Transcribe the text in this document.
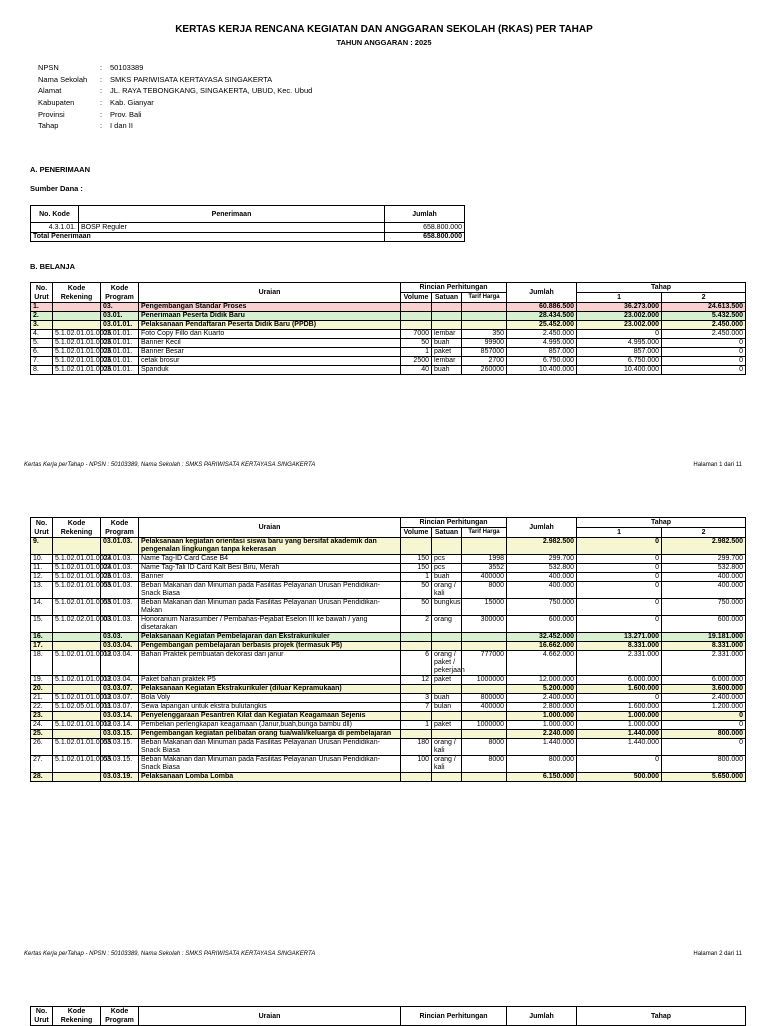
KERTAS KERJA RENCANA KEGIATAN DAN ANGGARAN SEKOLAH (RKAS) PER TAHAP
TAHUN ANGGARAN : 2025
NPSN	: 50103389
Nama Sekolah : SMKS PARIWISATA KERTAYASA SINGAKERTA
Alamat	: JL. RAYA TEBONGKANG, SINGAKERTA, UBUD, Kec. Ubud
Kabupaten	: Kab. Gianyar
Provinsi	: Prov. Bali
Tahap	: I dan II
A. PENERIMAAN
Sumber Dana :
No. Kode	Penerimaan	Jumlah
4.3.1.01.	BOSP Reguler	658.800.000
Total Penerimaan		658.800.000
B. BELANJA
No. Urut	Kode Rekening	Kode Program	Uraian	Rincian Perhitungan			Jumlah	Tahap	
				Volume	Satuan	Tarif Harga		1	2
1.		03.	Pengembangan Standar Proses				60.886.500	36.273.000	24.613.500
2.		03.01.	Penerimaan Peserta Didik Baru				28.434.500	23.002.000	5.432.500
3.		03.01.01.	Pelaksanaan Pendaftaran Peserta Didik Baru (PPDB)				25.452.000	23.002.000	2.450.000
4.	5.1.02.01.01.0026	03.01.01.	Foto Copy Fillo dan Kuarto	7000	lembar	350	2.450.000	0	2.450.000
5.	5.1.02.01.01.0026	03.01.01.	Banner Kecil	50	buah	99900	4.995.000	4.995.000	0
6.	5.1.02.01.01.0026	03.01.01.	Banner Besar	1	paket	857000	857.000	857.000	0
7.	5.1.02.01.01.0026	03.01.01.	cetak brosur	2500	lembar	2700	6.750.000	6.750.000	0
8.	5.1.02.01.01.0026	03.01.01.	Spanduk	40	buah	260000	10.400.000	10.400.000	0
Kertas Kerja perTahap - NPSN : 50103389, Nama Sekolah : SMKS PARIWISATA KERTAYASA SINGAKERTA	Halaman 1 dari 11
No. Urut	Kode Rekening	Kode Program	Uraian	Rincian Perhitungan			Jumlah	Tahap	
				Volume	Satuan	Tarif Harga		1	2
9.		03.01.03.	Pelaksanaan kegiatan orientasi siswa baru yang bersifat akademik dan pengenalan lingkungan tanpa kekerasan				2.982.500	0	2.982.500
10.	5.1.02.01.01.0024	03.01.03.	Name Tag-ID Card Case B4	150	pcs	1998	299.700	0	299.700
11.	5.1.02.01.01.0024	03.01.03.	Name Tag-Tali ID Card Kalt Besi Biru, Merah	150	pcs	3552	532.800	0	532.800
12.	5.1.02.01.01.0026	03.01.03.	Banner	1	buah	400000	400.000	0	400.000
13.	5.1.02.01.01.0055	03.01.03.	Beban Makanan dan Minuman pada Fasilitas Pelayanan Urusan Pendidikan-Snack Biasa	50	orang / kali	8000	400.000	0	400.000
14.	5.1.02.01.01.0055	03.01.03.	Beban Makanan dan Minuman pada Fasilitas Pelayanan Urusan Pendidikan-Makan	50	bungkus	15000	750.000	0	750.000
15.	5.1.02.02.01.0003	03.01.03.	Honorarium Narasumber / Pembahas-Pejabat Eselon III ke bawah / yang disetarakan	2	orang	300000	600.000	0	600.000
16.		03.03.	Pelaksanaan Kegiatan Pembelajaran dan Ekstrakurikuler				32.452.000	13.271.000	19.181.000
17.		03.03.04.	Pengembangan pembelajaran berbasis projek (termasuk P5)				16.662.000	8.331.000	8.331.000
18.	5.1.02.01.01.0012	03.03.04.	Bahan Praktek pembuatan dekorasi dari janur	6	orang / paket / pekerjaan	777000	4.662.000	2.331.000	2.331.000
19.	5.1.02.01.01.0012	03.03.04.	Paket bahan praktek P5	12	paket	1000000	12.000.000	6.000.000	6.000.000
20.		03.03.07.	Pelaksanaan Kegiatan Ekstrakurikuler (diluar Kepramukaan)				5.200.000	1.600.000	3.600.000
21.	5.1.02.01.01.0012	03.03.07.	Bola Voly	3	buah	800000	2.400.000	0	2.400.000
22.	5.1.02.05.01.0011	03.03.07.	Sewa lapangan untuk ekstra bulutangkis	7	bulan	400000	2.800.000	1.600.000	1.200.000
23.		03.03.14.	Penyelenggaraan Pesantren Kilat dan Kegiatan Keagamaan Sejenis				1.000.000	1.000.000	0
24.	5.1.02.01.01.0012	03.03.14.	Pembelian perlengkapan keagamaan (Janur,buah,bunga bambu dll)	1	paket	1000000	1.000.000	1.000.000	0
25.		03.03.15.	Pengembangan kegiatan pelibatan orang tua/wali/keluarga di pembelajaran				2.240.000	1.440.000	800.000
26.	5.1.02.01.01.0055	03.03.15.	Beban Makanan dan Minuman pada Fasilitas Pelayanan Urusan Pendidikan-Snack Biasa	180	orang / kali	8000	1.440.000	1.440.000	0
27.	5.1.02.01.01.0055	03.03.15.	Beban Makanan dan Minuman pada Fasilitas Pelayanan Urusan Pendidikan-Snack Biasa	100	orang / kali	8000	800.000	0	800.000
28.		03.03.19.	Pelaksanaan Lomba Lomba				6.150.000	500.000	5.650.000
Kertas Kerja perTahap - NPSN : 50103389, Nama Sekolah : SMKS PARIWISATA KERTAYASA SINGAKERTA	Halaman 2 dari 11
No. Urut	Kode Rekening	Kode Program	Uraian	Rincian Perhitungan	Jumlah	Tahap
